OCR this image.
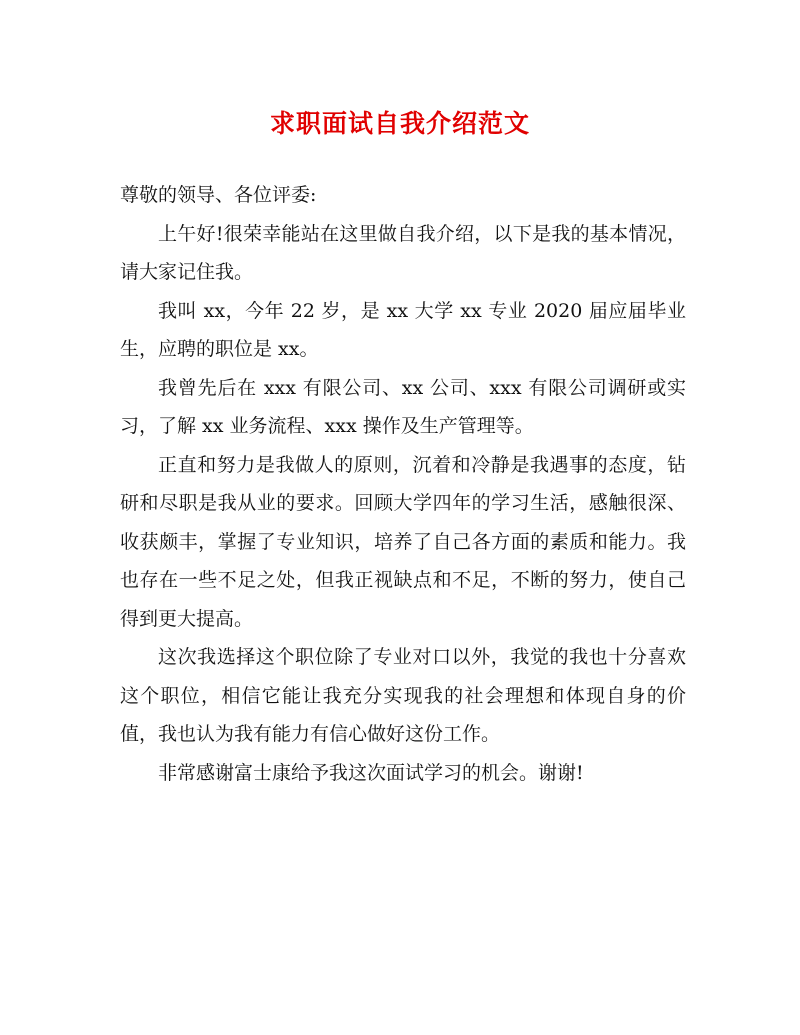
求职面试自我介绍范文

尊敬的领导、各位评委:

上午好!很荣幸能站在这里做自我介绍，以下是我的基本情况，请大家记住我。

我叫 xx，今年 22 岁，是 xx 大学 xx 专业 2020 届应届毕业生，应聘的职位是 xx。

我曾先后在 xxx 有限公司、xx 公司、xxx 有限公司调研或实习，了解 xx 业务流程、xxx 操作及生产管理等。

正直和努力是我做人的原则，沉着和冷静是我遇事的态度，钻研和尽职是我从业的要求。回顾大学四年的学习生活，感触很深、收获颇丰，掌握了专业知识，培养了自己各方面的素质和能力。我也存在一些不足之处，但我正视缺点和不足，不断的努力，使自己得到更大提高。

这次我选择这个职位除了专业对口以外，我觉的我也十分喜欢这个职位，相信它能让我充分实现我的社会理想和体现自身的价值，我也认为我有能力有信心做好这份工作。

非常感谢富士康给予我这次面试学习的机会。谢谢!
